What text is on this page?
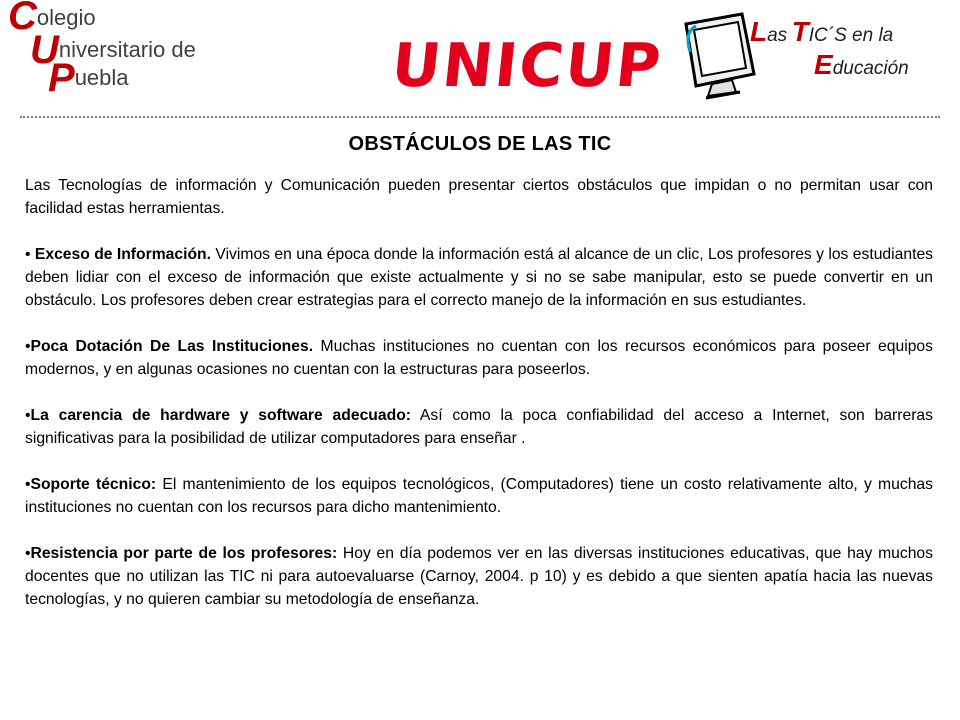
Colegio
Universitario de
Puebla	UNICUP	Las TIC´S en la
Educación
OBSTÁCULOS DE LAS TIC

Las Tecnologías de información y Comunicación pueden presentar ciertos obstáculos que impidan o no permitan usar con facilidad estas herramientas.

• Exceso de Información. Vivimos en una época donde la información está al alcance de un clic, Los profesores y los estudiantes deben lidiar con el exceso de información que existe actualmente y si no se sabe manipular, esto se puede convertir en un obstáculo. Los profesores deben crear estrategias para el correcto manejo de la información en sus estudiantes.

•Poca Dotación De Las Instituciones. Muchas instituciones no cuentan con los recursos económicos para poseer equipos modernos, y en algunas ocasiones no cuentan con la estructuras para poseerlos.

•La carencia de hardware y software adecuado: Así como la poca confiabilidad del acceso a Internet, son barreras significativas para la posibilidad de utilizar computadores para enseñar .

•Soporte técnico: El mantenimiento de los equipos tecnológicos, (Computadores) tiene un costo relativamente alto, y muchas instituciones no cuentan con los recursos para dicho mantenimiento.

•Resistencia por parte de los profesores: Hoy en día podemos ver en las diversas instituciones educativas, que hay muchos docentes que no utilizan las TIC ni para autoevaluarse (Carnoy, 2004. p 10) y es debido a que sienten apatía hacia las nuevas tecnologías, y no quieren cambiar su metodología de enseñanza.
